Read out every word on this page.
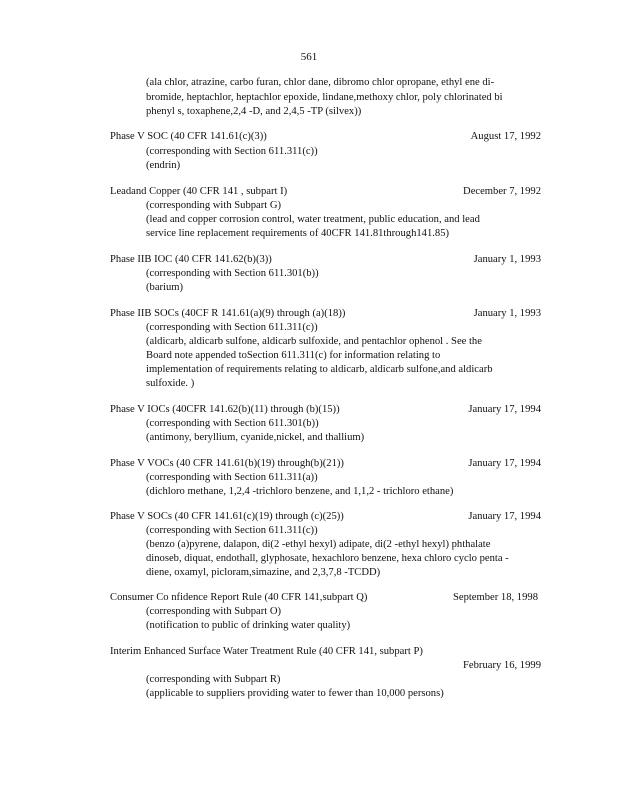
561
(ala chlor, atrazine, carbo furan, chlor dane, dibromo chlor opropane, ethyl ene di-
bromide, heptachlor, heptachlor epoxide, lindane,methoxy chlor, poly chlorinated bi
phenyl s, toxaphene,2,4 -D, and 2,4,5 -TP (silvex))
Phase V SOC (40 CFR 141.61(c)(3))	August 17, 1992
(corresponding with Section 611.311(c))
(endrin)
Leadand Copper (40 CFR 141 , subpart I)	December 7, 1992
(corresponding with Subpart G)
(lead and copper corrosion control, water treatment, public education, and lead
service line replacement requirements of 40CFR 141.81through141.85)
Phase IIB IOC (40 CFR 141.62(b)(3))	January 1, 1993
(corresponding with Section 611.301(b))
(barium)
Phase IIB SOCs (40CF R 141.61(a)(9) through (a)(18))	January 1, 1993
(corresponding with Section 611.311(c))
(aldicarb, aldicarb sulfone, aldicarb sulfoxide, and pentachlor ophenol . See the
Board note appended toSection 611.311(c) for information relating to
implementation of requirements relating to aldicarb, aldicarb sulfone,and aldicarb
sulfoxide. )
Phase V IOCs (40CFR 141.62(b)(11) through (b)(15))	January 17, 1994
(corresponding with Section 611.301(b))
(antimony, beryllium, cyanide,nickel, and thallium)
Phase V VOCs (40 CFR 141.61(b)(19) through(b)(21))	January 17, 1994
(corresponding with Section 611.311(a))
(dichloro methane, 1,2,4 -trichloro benzene, and 1,1,2 - trichloro ethane)
Phase V SOCs (40 CFR 141.61(c)(19) through (c)(25))	January 17, 1994
(corresponding with Section 611.311(c))
(benzo (a)pyrene, dalapon, di(2 -ethyl hexyl) adipate, di(2 -ethyl hexyl) phthalate
dinoseb, diquat, endothall, glyphosate, hexachloro benzene, hexa chloro cyclo penta -
diene, oxamyl, picloram,simazine, and 2,3,7,8 -TCDD)
Consumer Co nfidence Report Rule (40 CFR 141,subpart Q)	September 18, 1998
(corresponding with Subpart O)
(notification to public of drinking water quality)
Interim Enhanced Surface Water Treatment Rule (40 CFR 141, subpart P)
February 16, 1999
(corresponding with Subpart R)
(applicable to suppliers providing water to fewer than 10,000 persons)
